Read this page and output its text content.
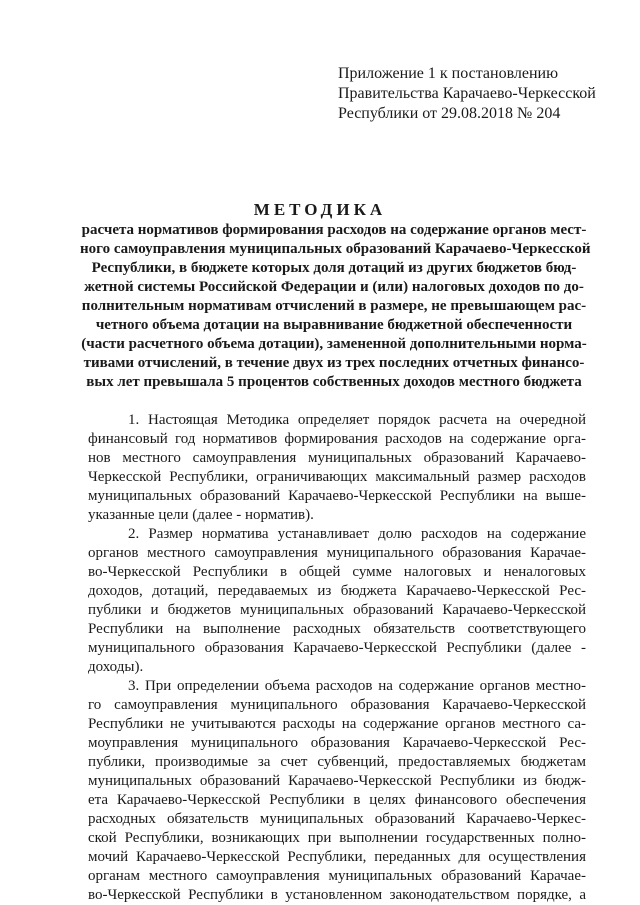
Приложение 1 к постановлению
Правительства Карачаево-Черкесской
Республики от 29.08.2018 № 204
МЕТОДИКА
расчета нормативов формирования расходов на содержание органов мест-
ного самоуправления муниципальных образований Карачаево-Черкесской
Республики, в бюджете которых доля дотаций из других бюджетов бюд-
жетной системы Российской Федерации и (или) налоговых доходов по до-
полнительным нормативам отчислений в размере, не превышающем рас-
четного объема дотации на выравнивание бюджетной обеспеченности
(части расчетного объема дотации), замененной дополнительными норма-
тивами отчислений, в течение двух из трех последних отчетных финансо-
вых лет превышала 5 процентов собственных доходов местного бюджета
1. Настоящая Методика определяет порядок расчета на очередной
финансовый год нормативов формирования расходов на содержание орга-
нов местного самоуправления муниципальных образований Карачаево-
Черкесской Республики, ограничивающих максимальный размер расходов
муниципальных образований Карачаево-Черкесской Республики на выше-
указанные цели (далее - норматив).
2. Размер норматива устанавливает долю расходов на содержание
органов местного самоуправления муниципального образования Карачае-
во-Черкесской Республики в общей сумме налоговых и неналоговых
доходов, дотаций, передаваемых из бюджета Карачаево-Черкесской Рес-
публики и бюджетов муниципальных образований Карачаево-Черкесской
Республики на выполнение расходных обязательств соответствующего
муниципального образования Карачаево-Черкесской Республики (далее -
доходы).
3. При определении объема расходов на содержание органов местно-
го самоуправления муниципального образования Карачаево-Черкесской
Республики не учитываются расходы на содержание органов местного са-
моуправления муниципального образования Карачаево-Черкесской Рес-
публики, производимые за счет субвенций, предоставляемых бюджетам
муниципальных образований Карачаево-Черкесской Республики из бюдж-
ета Карачаево-Черкесской Республики в целях финансового обеспечения
расходных обязательств муниципальных образований Карачаево-Черкес-
ской Республики, возникающих при выполнении государственных полно-
мочий Карачаево-Черкесской Республики, переданных для осуществления
органам местного самоуправления муниципальных образований Карачае-
во-Черкесской Республики в установленном законодательством порядке, а
